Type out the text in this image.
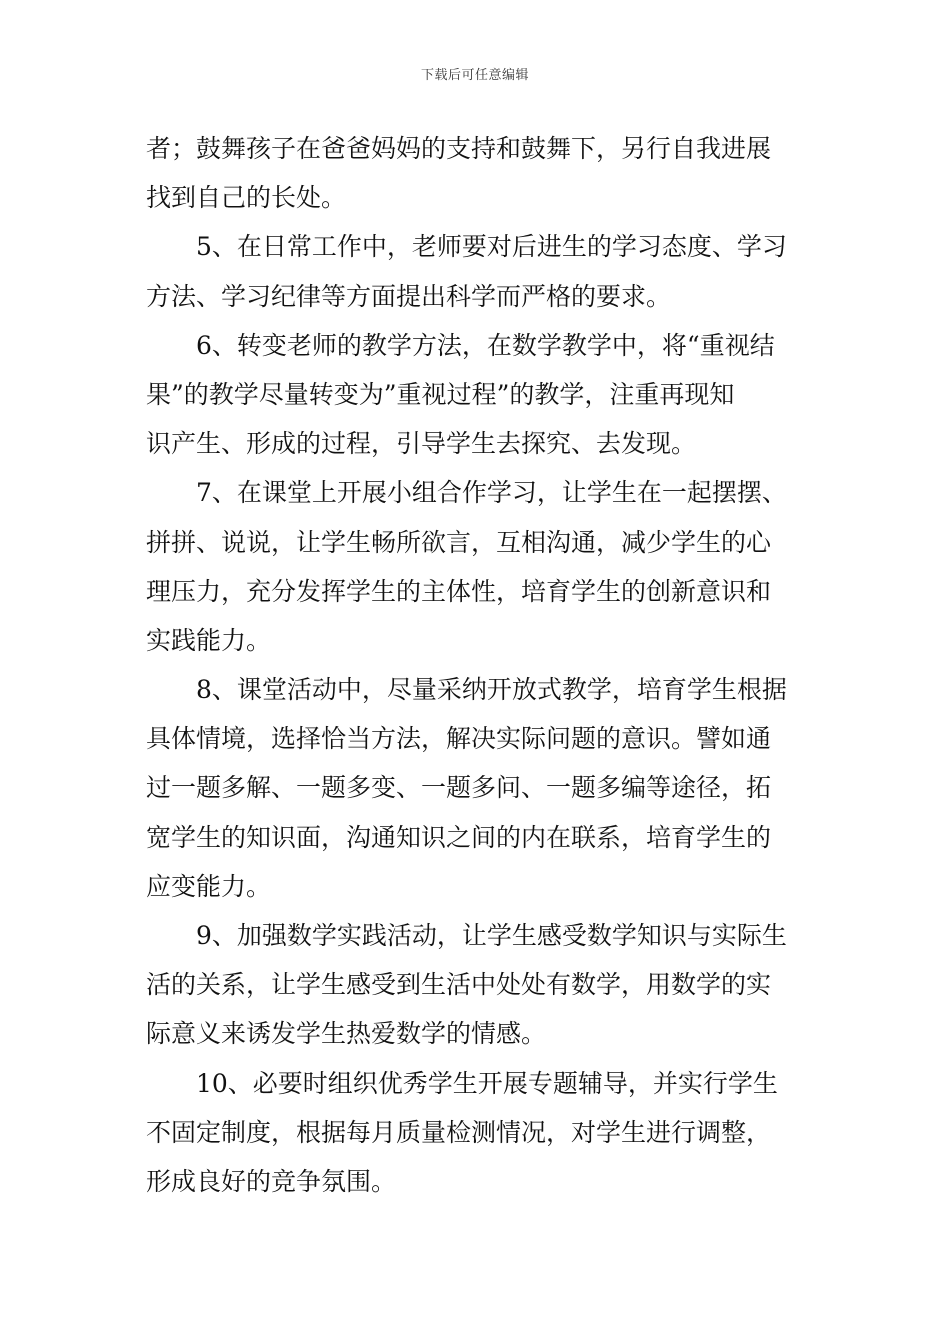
下载后可任意编辑
者；鼓舞孩子在爸爸妈妈的支持和鼓舞下，另行自我进展
找到自己的长处。
5、在日常工作中，老师要对后进生的学习态度、学习
方法、学习纪律等方面提出科学而严格的要求。
6、转变老师的教学方法，在数学教学中，将“重视结
果”的教学尽量转变为”重视过程”的教学，注重再现知
识产生、形成的过程，引导学生去探究、去发现。
7、在课堂上开展小组合作学习，让学生在一起摆摆、
拼拼、说说，让学生畅所欲言，互相沟通，减少学生的心
理压力，充分发挥学生的主体性，培育学生的创新意识和
实践能力。
8、课堂活动中，尽量采纳开放式教学，培育学生根据
具体情境，选择恰当方法，解决实际问题的意识。譬如通
过一题多解、一题多变、一题多问、一题多编等途径，拓
宽学生的知识面，沟通知识之间的内在联系，培育学生的
应变能力。
9、加强数学实践活动，让学生感受数学知识与实际生
活的关系，让学生感受到生活中处处有数学，用数学的实
际意义来诱发学生热爱数学的情感。
10、必要时组织优秀学生开展专题辅导，并实行学生
不固定制度，根据每月质量检测情况，对学生进行调整，
形成良好的竞争氛围。
